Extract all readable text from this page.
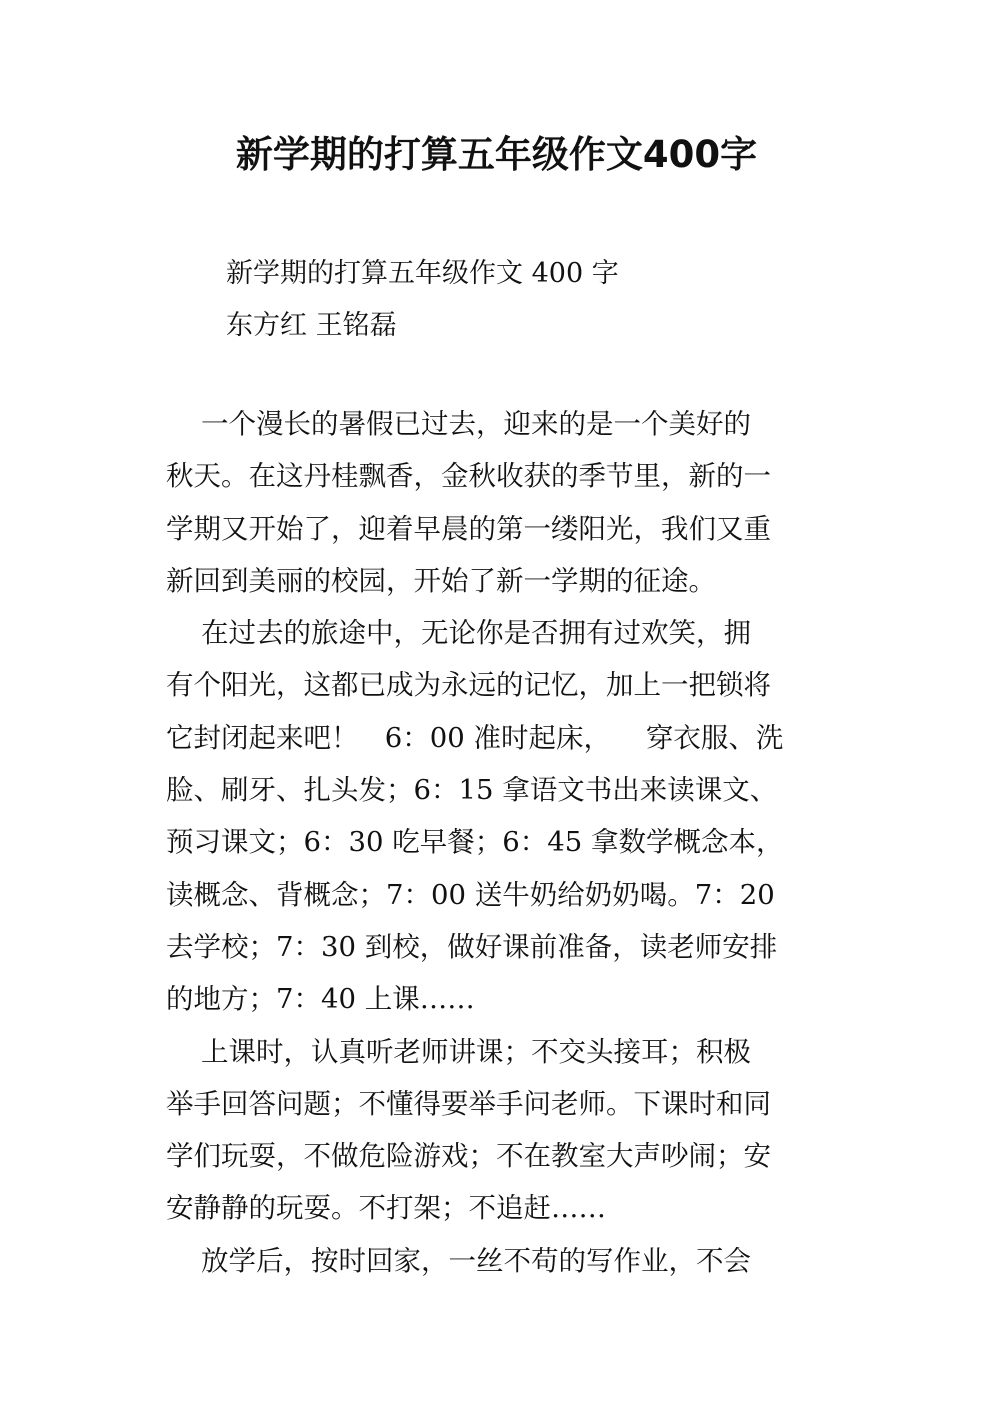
新学期的打算五年级作文400字
新学期的打算五年级作文 400 字
东方红 王铭磊
一个漫长的暑假已过去，迎来的是一个美好的
秋天。在这丹桂飘香，金秋收获的季节里，新的一
学期又开始了，迎着早晨的第一缕阳光，我们又重
新回到美丽的校园，开始了新一学期的征途。
在过去的旅途中，无论你是否拥有过欢笑，拥
有个阳光，这都已成为永远的记忆，加上一把锁将
它封闭起来吧！   6：00 准时起床，    穿衣服、洗
脸、刷牙、扎头发；6：15 拿语文书出来读课文、
预习课文；6：30 吃早餐；6：45 拿数学概念本，
读概念、背概念；7：00 送牛奶给奶奶喝。7：20
去学校；7：30 到校，做好课前准备，读老师安排
的地方；7：40 上课……
上课时，认真听老师讲课；不交头接耳；积极
举手回答问题；不懂得要举手问老师。下课时和同
学们玩耍，不做危险游戏；不在教室大声吵闹；安
安静静的玩耍。不打架；不追赶……
放学后，按时回家，一丝不苟的写作业，不会
